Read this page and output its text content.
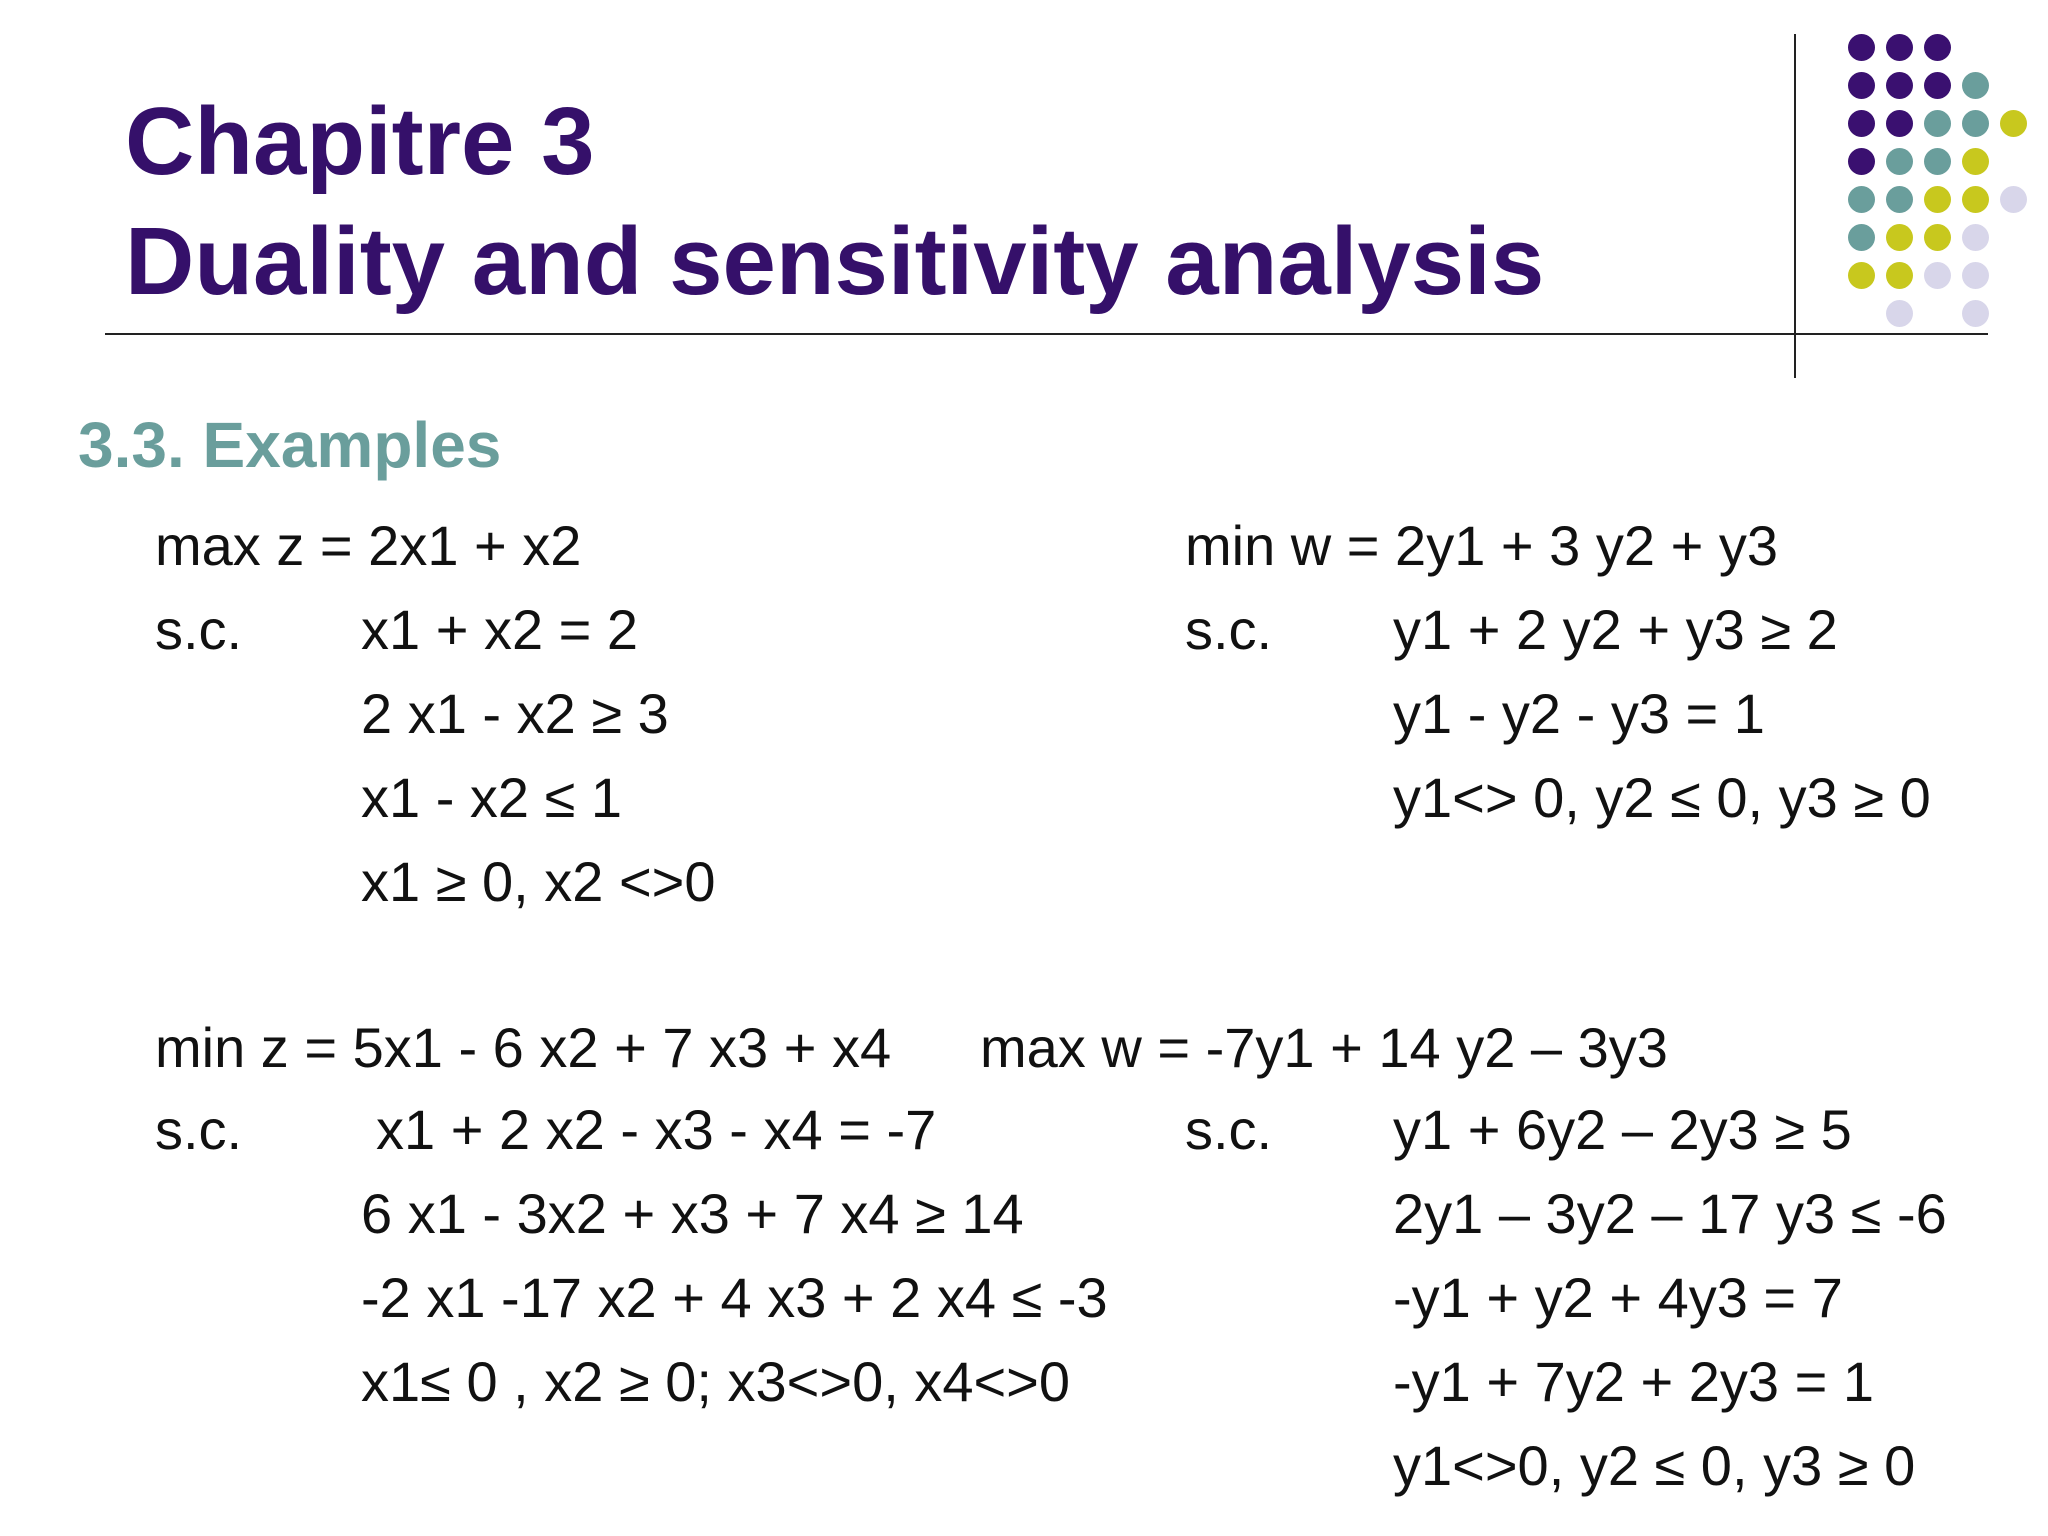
Chapitre 3
Duality and sensitivity analysis
3.3. Examples
max z = 2x1 + x2
s.c. x1 + x2 = 2
2 x1 - x2 ≥ 3
x1 - x2 ≤ 1
x1 ≥ 0, x2 <>0
min w = 2y1 + 3 y2 + y3
s.c. y1 + 2 y2 + y3 ≥ 2
y1 - y2 - y3 = 1
y1<> 0, y2 ≤ 0, y3 ≥ 0
min z = 5x1 - 6 x2 + 7 x3 + x4
s.c. x1 + 2 x2 - x3 - x4 = -7
6 x1 - 3x2 + x3 + 7 x4 ≥ 14
-2 x1 -17 x2 + 4 x3 + 2 x4 ≤ -3
x1≤ 0 , x2 ≥ 0; x3<>0, x4<>0
max w = -7y1 + 14 y2 – 3y3
s.c. y1 + 6y2 – 2y3 ≥ 5
2y1 – 3y2 – 17 y3 ≤ -6
-y1 + y2 + 4y3 = 7
-y1 + 7y2 + 2y3 = 1
y1<>0, y2 ≤ 0, y3 ≥ 0
